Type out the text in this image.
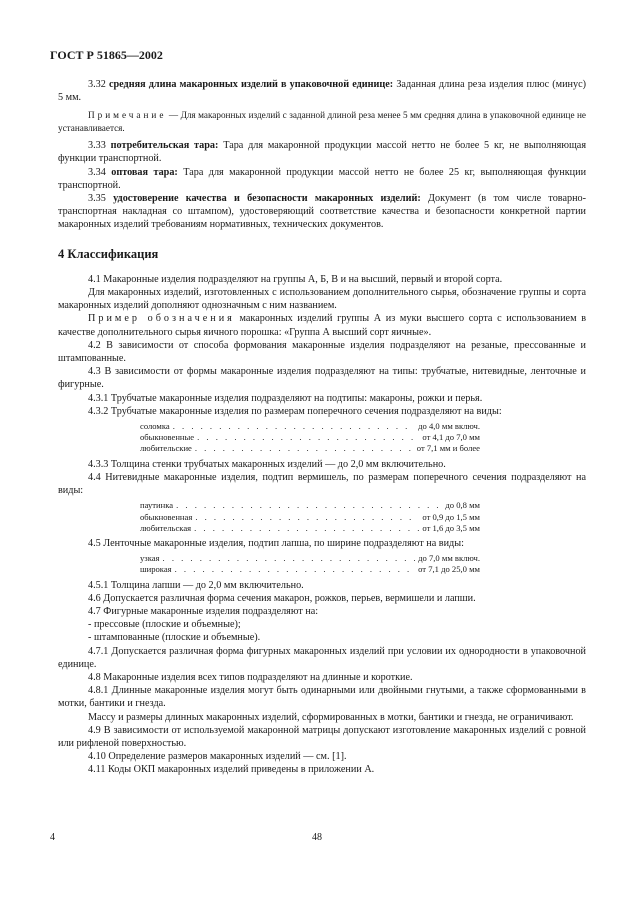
ГОСТ Р 51865—2002

3.32 средняя длина макаронных изделий в упаковочной единице: Заданная длина реза изделия плюс (минус) 5 мм.

Примечание — Для макаронных изделий с заданной длиной реза менее 5 мм средняя длина в упаковочной единице не устанавливается.

3.33 потребительская тара: Тара для макаронной продукции массой нетто не более 5 кг, не выполняющая функции транспортной.

3.34 оптовая тара: Тара для макаронной продукции массой нетто не более 25 кг, выполняющая функции транспортной.

3.35 удостоверение качества и безопасности макаронных изделий: Документ (в том числе товарно-транспортная накладная со штампом), удостоверяющий соответствие качества и безопасности конкретной партии макаронных изделий требованиям нормативных, технических документов.

4 Классификация

4.1 Макаронные изделия подразделяют на группы А, Б, В и на высший, первый и второй сорта.

Для макаронных изделий, изготовленных с использованием дополнительного сырья, обозначение группы и сорта макаронных изделий дополняют однозначным с ним названием.

Пример обозначения макаронных изделий группы А из муки высшего сорта с использованием в качестве дополнительного сырья яичного порошка: «Группа А высший сорт яичные».

4.2 В зависимости от способа формования макаронные изделия подразделяют на резаные, прессованные и штампованные.

4.3 В зависимости от формы макаронные изделия подразделяют на типы: трубчатые, нитевидные, ленточные и фигурные.

4.3.1 Трубчатые макаронные изделия подразделяют на подтипы: макароны, рожки и перья.

4.3.2 Трубчатые макаронные изделия по размерам поперечного сечения подразделяют на виды:

соломка . . .	до 4,0 мм включ.
обыкновенные . . .	от 4,1 до 7,0 мм
любительские . . .	от 7,1 мм и более

4.3.3 Толщина стенки трубчатых макаронных изделий — до 2,0 мм включительно.

4.4 Нитевидные макаронные изделия, подтип вермишель, по размерам поперечного сечения подразделяют на виды:

паутинка . . .	до 0,8 мм
обыкновенная . . .	от 0,9 до 1,5 мм
любительская . . .	от 1,6 до 3,5 мм

4.5 Ленточные макаронные изделия, подтип лапша, по ширине подразделяют на виды:

узкая . . .	до 7,0 мм включ.
широкая . . .	от 7,1 до 25,0 мм

4.5.1 Толщина лапши — до 2,0 мм включительно.

4.6 Допускается различная форма сечения макарон, рожков, перьев, вермишели и лапши.

4.7 Фигурные макаронные изделия подразделяют на:

- прессовые (плоские и объемные);

- штампованные (плоские и объемные).

4.7.1 Допускается различная форма фигурных макаронных изделий при условии их однородности в упаковочной единице.

4.8 Макаронные изделия всех типов подразделяют на длинные и короткие.

4.8.1 Длинные макаронные изделия могут быть одинарными или двойными гнутыми, а также сформованными в мотки, бантики и гнезда.

Массу и размеры длинных макаронных изделий, сформированных в мотки, бантики и гнезда, не ограничивают.

4.9 В зависимости от используемой макаронной матрицы допускают изготовление макаронных изделий с ровной или рифленой поверхностью.

4.10 Определение размеров макаронных изделий — см. [1].

4.11 Коды ОКП макаронных изделий приведены в приложении А.

4	48
